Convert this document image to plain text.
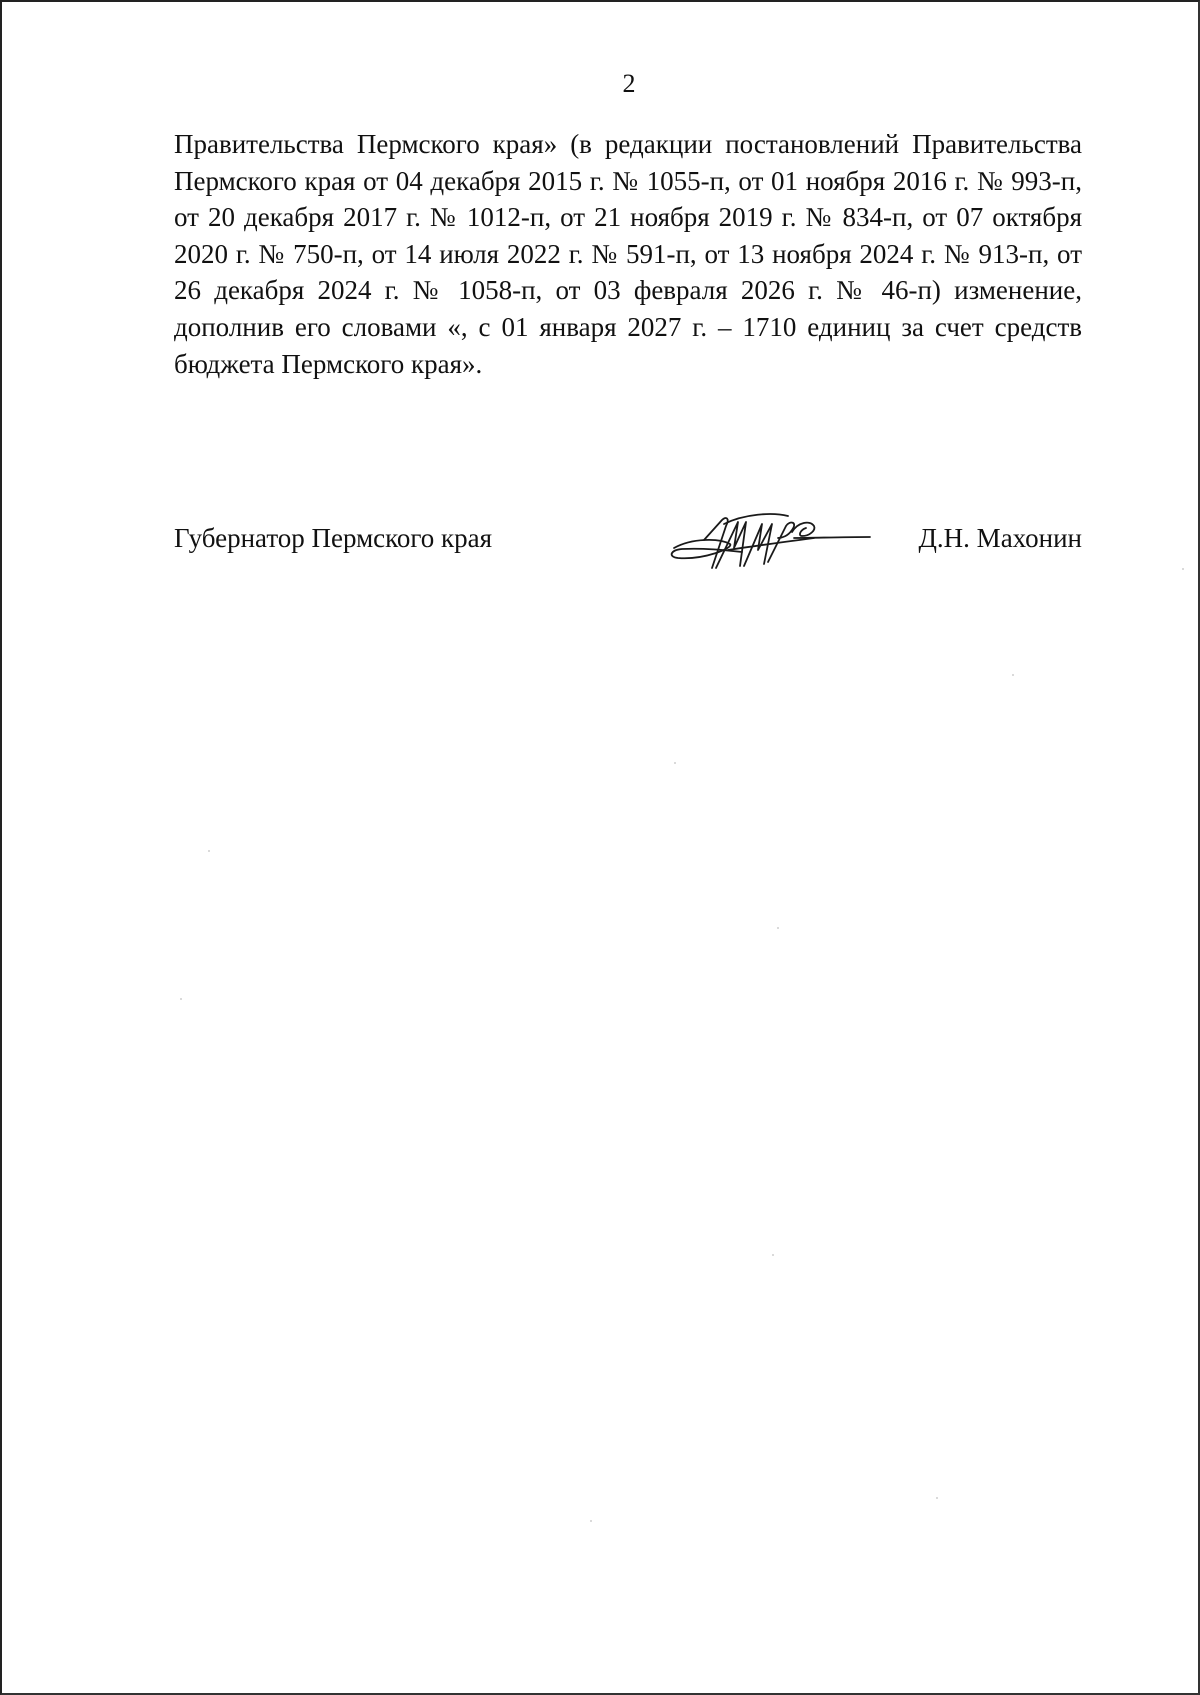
2

Правительства Пермского края» (в редакции постановлений Правительства Пермского края от 04 декабря 2015 г. № 1055-п, от 01 ноября 2016 г. № 993-п, от 20 декабря 2017 г. № 1012-п, от 21 ноября 2019 г. № 834-п, от 07 октября 2020 г. № 750-п, от 14 июля 2022 г. № 591-п, от 13 ноября 2024 г. № 913-п, от 26 декабря 2024 г. № 1058-п, от 03 февраля 2026 г. № 46-п) изменение, дополнив его словами «, с 01 января 2027 г. – 1710 единиц за счет средств бюджета Пермского края».

Губернатор Пермского края	Д.Н. Махонин
